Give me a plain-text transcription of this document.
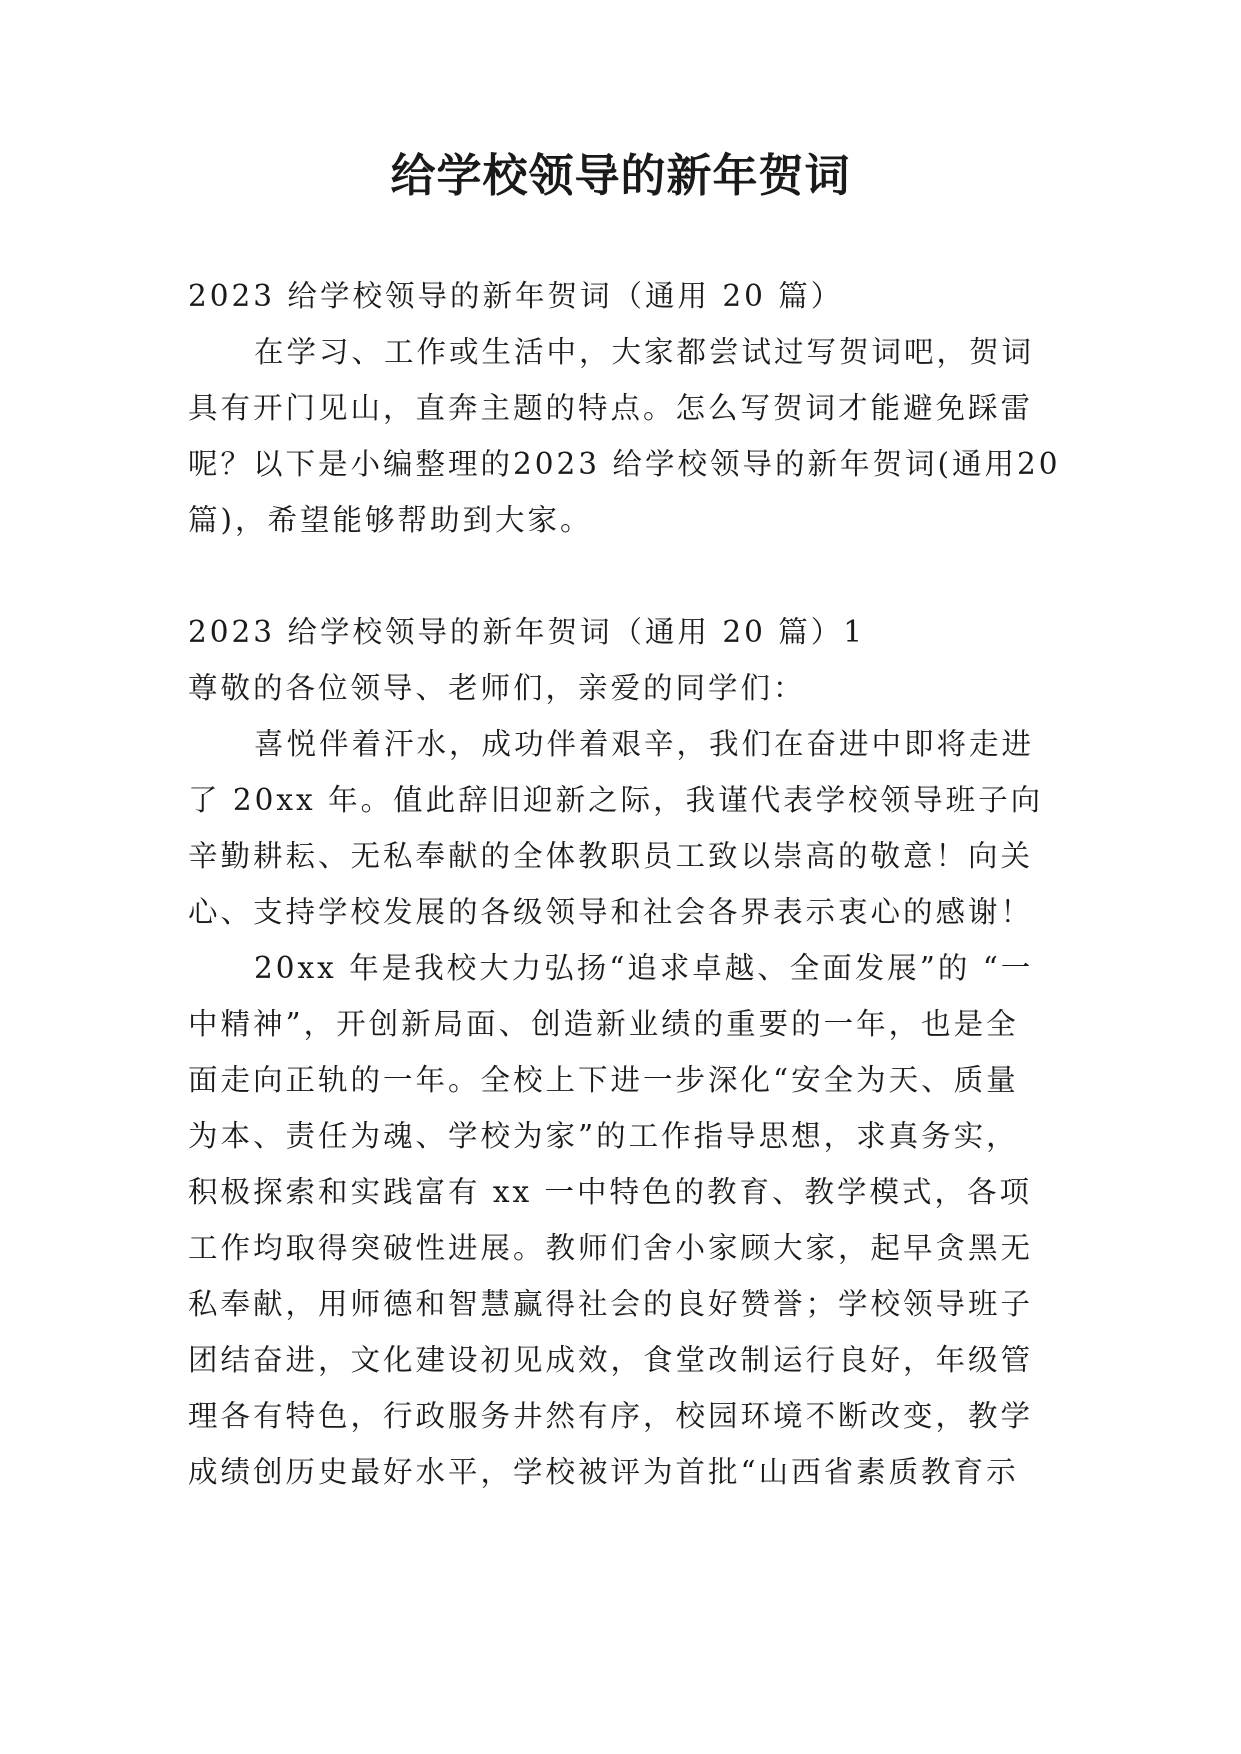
给学校领导的新年贺词
2023 给学校领导的新年贺词（通用 20 篇）
在学习、工作或生活中，大家都尝试过写贺词吧，贺词
具有开门见山，直奔主题的特点。怎么写贺词才能避免踩雷
呢？以下是小编整理的2023 给学校领导的新年贺词(通用20
篇)，希望能够帮助到大家。
2023 给学校领导的新年贺词（通用 20 篇）1
尊敬的各位领导、老师们，亲爱的同学们：
喜悦伴着汗水，成功伴着艰辛，我们在奋进中即将走进
了 20xx 年。值此辞旧迎新之际，我谨代表学校领导班子向
辛勤耕耘、无私奉献的全体教职员工致以崇高的敬意！向关
心、支持学校发展的各级领导和社会各界表示衷心的感谢！
20xx 年是我校大力弘扬“追求卓越、全面发展”的 “一
中精神”，开创新局面、创造新业绩的重要的一年，也是全
面走向正轨的一年。全校上下进一步深化“安全为天、质量
为本、责任为魂、学校为家”的工作指导思想，求真务实，
积极探索和实践富有 xx 一中特色的教育、教学模式，各项
工作均取得突破性进展。教师们舍小家顾大家，起早贪黑无
私奉献，用师德和智慧赢得社会的良好赞誉；学校领导班子
团结奋进，文化建设初见成效，食堂改制运行良好，年级管
理各有特色，行政服务井然有序，校园环境不断改变，教学
成绩创历史最好水平，学校被评为首批“山西省素质教育示
